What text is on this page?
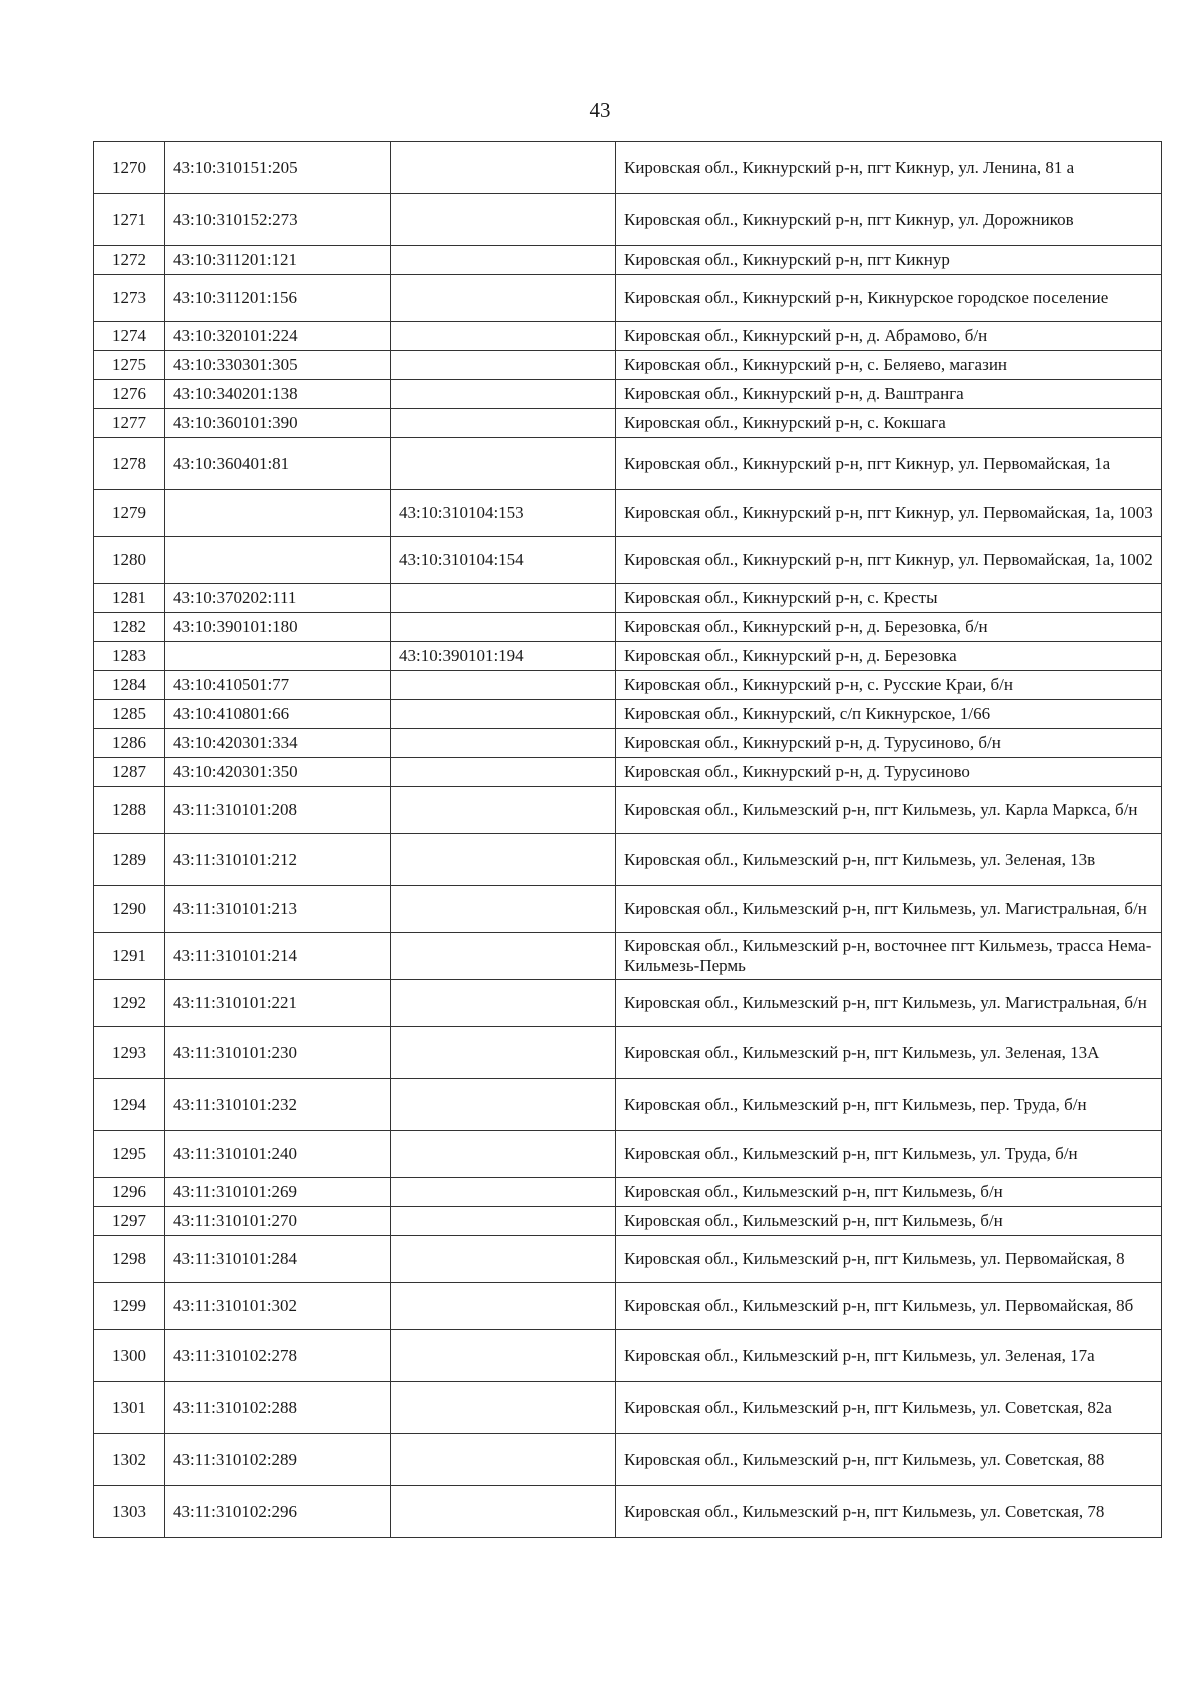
43
1270	43:10:310151:205		Кировская обл., Кикнурский р-н, пгт Кикнур, ул. Ленина, 81 а
1271	43:10:310152:273		Кировская обл., Кикнурский р-н, пгт Кикнур, ул. Дорожников
1272	43:10:311201:121		Кировская обл., Кикнурский р-н, пгт Кикнур
1273	43:10:311201:156		Кировская обл., Кикнурский р-н, Кикнурское городское поселение
1274	43:10:320101:224		Кировская обл., Кикнурский р-н, д. Абрамово, б/н
1275	43:10:330301:305		Кировская обл., Кикнурский р-н, с. Беляево, магазин
1276	43:10:340201:138		Кировская обл., Кикнурский р-н, д. Ваштранга
1277	43:10:360101:390		Кировская обл., Кикнурский р-н, с. Кокшага
1278	43:10:360401:81		Кировская обл., Кикнурский р-н, пгт Кикнур, ул. Первомайская, 1а
1279		43:10:310104:153	Кировская обл., Кикнурский р-н, пгт Кикнур, ул. Первомайская, 1а, 1003
1280		43:10:310104:154	Кировская обл., Кикнурский р-н, пгт Кикнур, ул. Первомайская, 1а, 1002
1281	43:10:370202:111		Кировская обл., Кикнурский р-н, с. Кресты
1282	43:10:390101:180		Кировская обл., Кикнурский р-н, д. Березовка, б/н
1283		43:10:390101:194	Кировская обл., Кикнурский р-н, д. Березовка
1284	43:10:410501:77		Кировская обл., Кикнурский р-н, с. Русские Краи, б/н
1285	43:10:410801:66		Кировская обл., Кикнурский, с/п Кикнурское, 1/66
1286	43:10:420301:334		Кировская обл., Кикнурский р-н, д. Турусиново, б/н
1287	43:10:420301:350		Кировская обл., Кикнурский р-н, д. Турусиново
1288	43:11:310101:208		Кировская обл., Кильмезский р-н, пгт Кильмезь, ул. Карла Маркса, б/н
1289	43:11:310101:212		Кировская обл., Кильмезский р-н, пгт Кильмезь, ул. Зеленая, 13в
1290	43:11:310101:213		Кировская обл., Кильмезский р-н, пгт Кильмезь, ул. Магистральная, б/н
1291	43:11:310101:214		Кировская обл., Кильмезский р-н, восточнее пгт Кильмезь, трасса Нема-Кильмезь-Пермь
1292	43:11:310101:221		Кировская обл., Кильмезский р-н, пгт Кильмезь, ул. Магистральная, б/н
1293	43:11:310101:230		Кировская обл., Кильмезский р-н, пгт Кильмезь, ул. Зеленая, 13А
1294	43:11:310101:232		Кировская обл., Кильмезский р-н, пгт Кильмезь, пер. Труда, б/н
1295	43:11:310101:240		Кировская обл., Кильмезский р-н, пгт Кильмезь, ул. Труда, б/н
1296	43:11:310101:269		Кировская обл., Кильмезский р-н, пгт Кильмезь, б/н
1297	43:11:310101:270		Кировская обл., Кильмезский р-н, пгт Кильмезь, б/н
1298	43:11:310101:284		Кировская обл., Кильмезский р-н, пгт Кильмезь, ул. Первомайская, 8
1299	43:11:310101:302		Кировская обл., Кильмезский р-н, пгт Кильмезь, ул. Первомайская, 8б
1300	43:11:310102:278		Кировская обл., Кильмезский р-н, пгт Кильмезь, ул. Зеленая, 17а
1301	43:11:310102:288		Кировская обл., Кильмезский р-н, пгт Кильмезь, ул. Советская, 82а
1302	43:11:310102:289		Кировская обл., Кильмезский р-н, пгт Кильмезь, ул. Советская, 88
1303	43:11:310102:296		Кировская обл., Кильмезский р-н, пгт Кильмезь, ул. Советская, 78
